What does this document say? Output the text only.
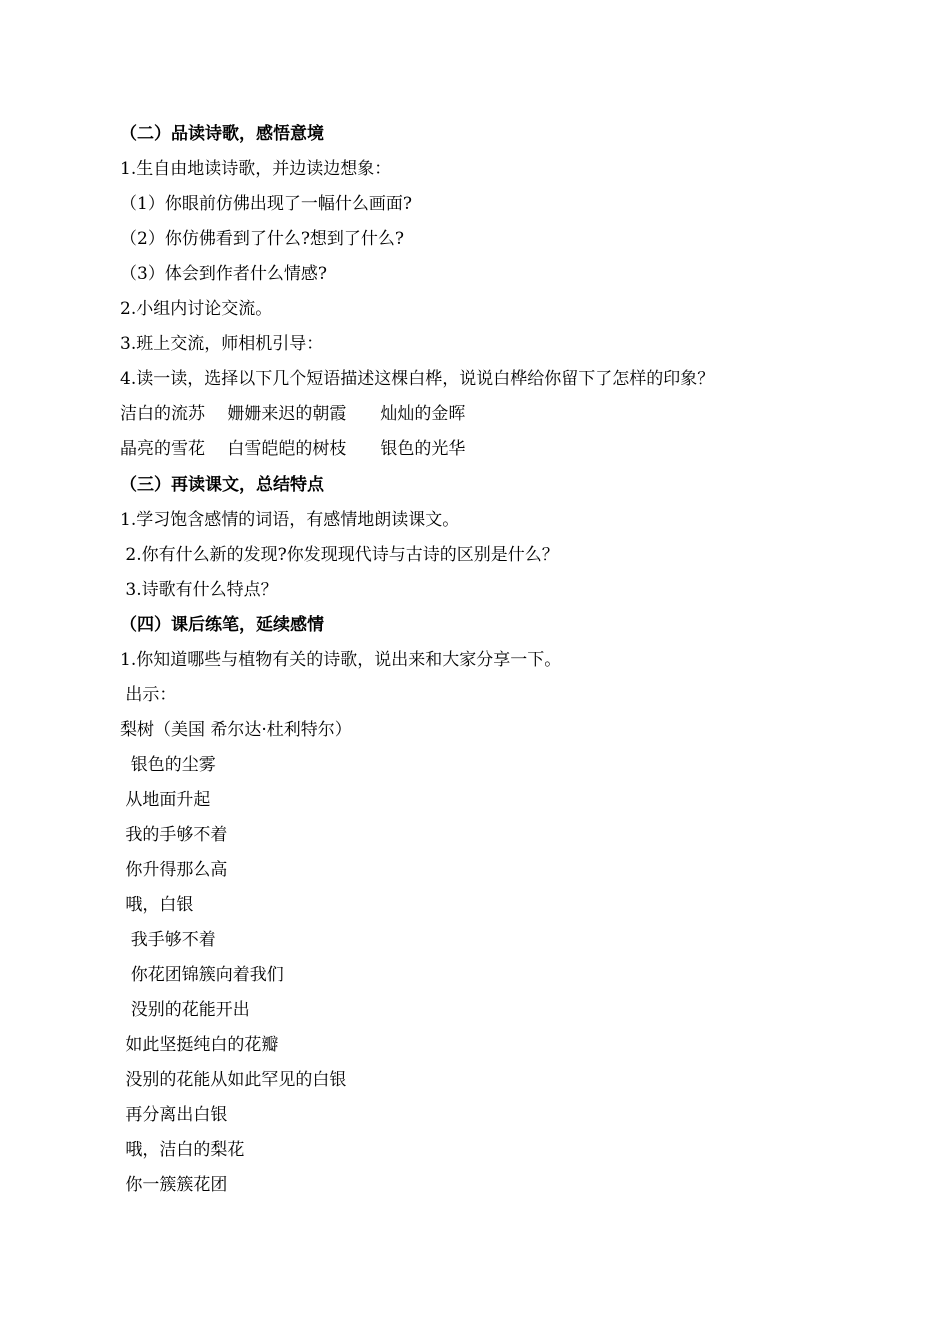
（二）品读诗歌，感悟意境
1.生自由地读诗歌，并边读边想象：
（1）你眼前仿佛出现了一幅什么画面?
（2）你仿佛看到了什么?想到了什么?
（3）体会到作者什么情感?
2.小组内讨论交流。
3.班上交流，师相机引导：
4.读一读，选择以下几个短语描述这棵白桦，说说白桦给你留下了怎样的印象？
洁白的流苏　 姗姗来迟的朝霞　　灿灿的金晖
晶亮的雪花　 白雪皑皑的树枝　　银色的光华
（三）再读课文，总结特点
1.学习饱含感情的词语，有感情地朗读课文。
2.你有什么新的发现?你发现现代诗与古诗的区别是什么？
3.诗歌有什么特点？
（四）课后练笔，延续感情
1.你知道哪些与植物有关的诗歌，说出来和大家分享一下。
出示：
梨树（美国 希尔达·杜利特尔）
银色的尘雾
从地面升起
我的手够不着
你升得那么高
哦，白银
我手够不着
你花团锦簇向着我们
没别的花能开出
如此坚挺纯白的花瓣
没别的花能从如此罕见的白银
再分离出白银
哦，洁白的梨花
你一簇簇花团
